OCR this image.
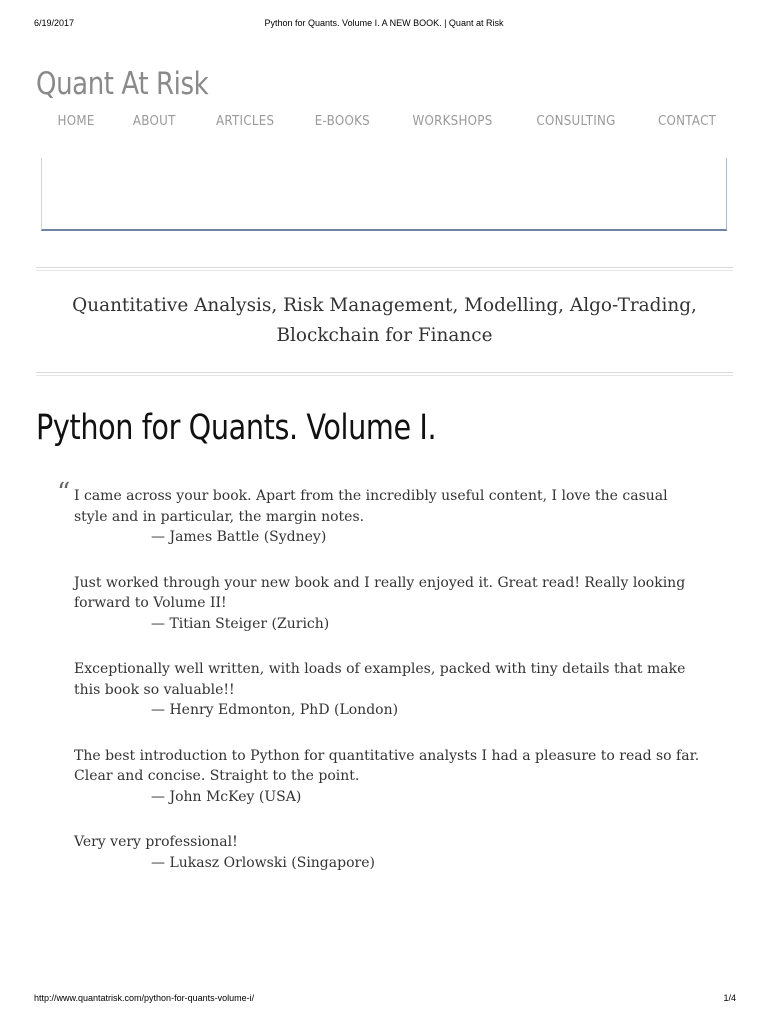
6/19/2017	Python for Quants. Volume I. A NEW BOOK. | Quant at Risk
Quant At Risk
HOME	ABOUT	ARTICLES	E-BOOKS	WORKSHOPS	CONSULTING	CONTACT
Quantitative Analysis, Risk Management, Modelling, Algo-Trading,
Blockchain for Finance
Python for Quants. Volume I.
“ I came across your book. Apart from the incredibly useful content, I love the casual style and in particular, the margin notes.
— James Battle (Sydney)
Just worked through your new book and I really enjoyed it. Great read! Really looking forward to Volume II!
— Titian Steiger (Zurich)
Exceptionally well written, with loads of examples, packed with tiny details that make this book so valuable!!
— Henry Edmonton, PhD (London)
The best introduction to Python for quantitative analysts I had a pleasure to read so far. Clear and concise. Straight to the point.
— John McKey (USA)
Very very professional!
— Lukasz Orlowski (Singapore)
http://www.quantatrisk.com/python-for-quants-volume-i/	1/4
